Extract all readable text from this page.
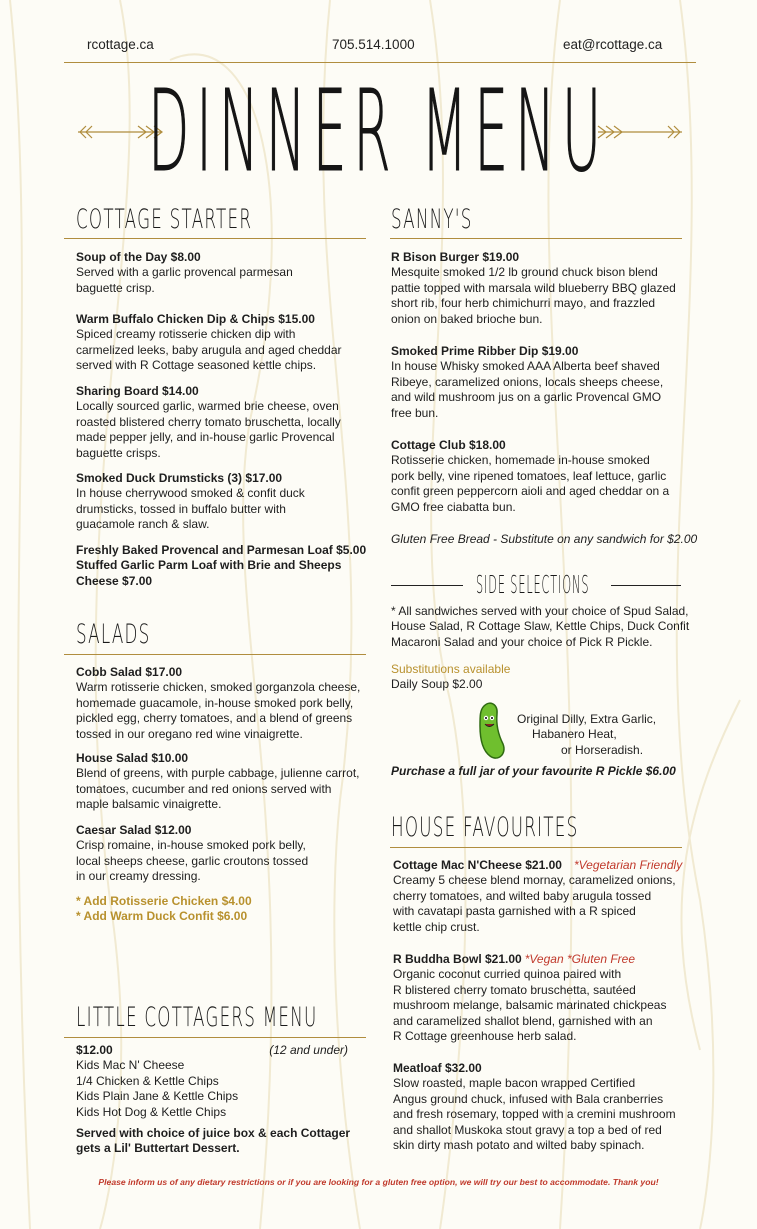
rcottage.ca	705.514.1000	eat@rcottage.ca
DINNER MENU
COTTAGE STARTER
Soup of the Day $8.00
Served with a garlic provencal parmesan
baguette crisp.
Warm Buffalo Chicken Dip & Chips $15.00
Spiced creamy rotisserie chicken dip with
carmelized leeks, baby arugula and aged cheddar
served with R Cottage seasoned kettle chips.
Sharing Board $14.00
Locally sourced garlic, warmed brie cheese, oven
roasted blistered cherry tomato bruschetta, locally
made pepper jelly, and in-house garlic Provencal
baguette crisps.
Smoked Duck Drumsticks (3) $17.00
In house cherrywood smoked & confit duck
drumsticks, tossed in buffalo butter with
guacamole ranch & slaw.
Freshly Baked Provencal and Parmesan Loaf $5.00
Stuffed Garlic Parm Loaf with Brie and Sheeps
Cheese $7.00
SALADS
Cobb Salad $17.00
Warm rotisserie chicken, smoked gorganzola cheese,
homemade guacamole, in-house smoked pork belly,
pickled egg, cherry tomatoes, and a blend of greens
tossed in our oregano red wine vinaigrette.
House Salad $10.00
Blend of greens, with purple cabbage, julienne carrot,
tomatoes, cucumber and red onions served with
maple balsamic vinaigrette.
Caesar Salad $12.00
Crisp romaine, in-house smoked pork belly,
local sheeps cheese, garlic croutons tossed
in our creamy dressing.
* Add Rotisserie Chicken $4.00
* Add Warm Duck Confit $6.00
LITTLE COTTAGERS MENU
$12.00	(12 and under)
Kids Mac N' Cheese
1/4 Chicken & Kettle Chips
Kids Plain Jane & Kettle Chips
Kids Hot Dog & Kettle Chips
Served with choice of juice box & each Cottager
gets a Lil' Buttertart Dessert.
SANNY'S
R Bison Burger $19.00
Mesquite smoked 1/2 lb ground chuck bison blend
pattie topped with marsala wild blueberry BBQ glazed
short rib, four herb chimichurri mayo, and frazzled
onion on baked brioche bun.
Smoked Prime Ribber Dip $19.00
In house Whisky smoked AAA Alberta beef shaved
Ribeye, caramelized onions, locals sheeps cheese,
and wild mushroom jus on a garlic Provencal GMO
free bun.
Cottage Club $18.00
Rotisserie chicken, homemade in-house smoked
pork belly, vine ripened tomatoes, leaf lettuce, garlic
confit green peppercorn aioli and aged cheddar on a
GMO free ciabatta bun.
Gluten Free Bread - Substitute on any sandwich for $2.00
SIDE SELECTIONS
* All sandwiches served with your choice of Spud Salad,
House Salad, R Cottage Slaw, Kettle Chips, Duck Confit
Macaroni Salad and your choice of Pick R Pickle.
Substitutions available
Daily Soup $2.00
Original Dilly, Extra Garlic,
Habanero Heat,
or Horseradish.
Purchase a full jar of your favourite R Pickle $6.00
HOUSE FAVOURITES
Cottage Mac N'Cheese $21.00 *Vegetarian Friendly
Creamy 5 cheese blend mornay, caramelized onions,
cherry tomatoes, and wilted baby arugula tossed
with cavatapi pasta garnished with a R spiced
kettle chip crust.
R Buddha Bowl $21.00 *Vegan *Gluten Free
Organic coconut curried quinoa paired with
R blistered cherry tomato bruschetta, sautéed
mushroom melange, balsamic marinated chickpeas
and caramelized shallot blend, garnished with an
R Cottage greenhouse herb salad.
Meatloaf $32.00
Slow roasted, maple bacon wrapped Certified
Angus ground chuck, infused with Bala cranberries
and fresh rosemary, topped with a cremini mushroom
and shallot Muskoka stout gravy a top a bed of red
skin dirty mash potato and wilted baby spinach.
Please inform us of any dietary restrictions or if you are looking for a gluten free option, we will try our best to accommodate. Thank you!
